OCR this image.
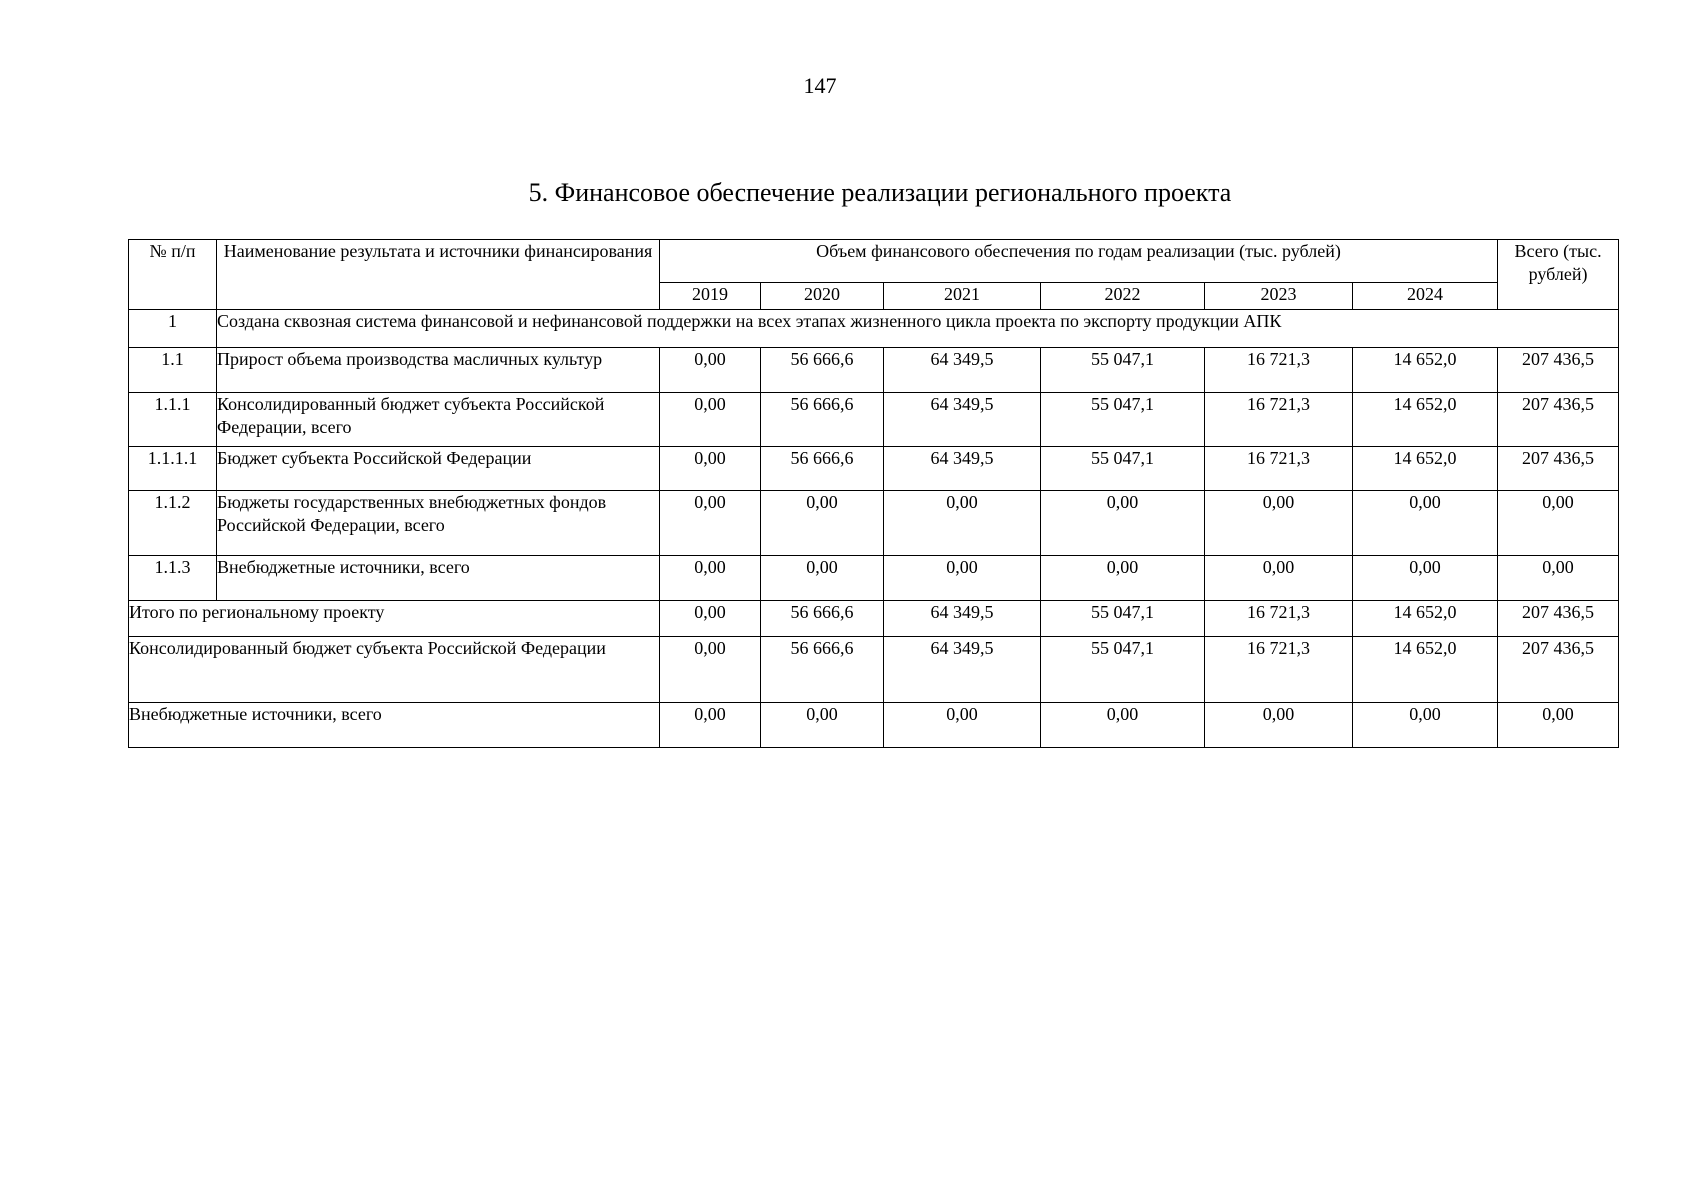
147
5. Финансовое обеспечение реализации регионального проекта
№ п/п	Наименование результата и источники финансирования	Объем финансового обеспечения по годам реализации (тыс. рублей)						Всего (тыс. рублей)
		2019	2020	2021	2022	2023	2024	
1	Создана сквозная система финансовой и нефинансовой поддержки на всех этапах жизненного цикла проекта по экспорту продукции АПК							
1.1	Прирост объема производства масличных культур	0,00	56 666,6	64 349,5	55 047,1	16 721,3	14 652,0	207 436,5
1.1.1	Консолидированный бюджет субъекта Российской Федерации, всего	0,00	56 666,6	64 349,5	55 047,1	16 721,3	14 652,0	207 436,5
1.1.1.1	Бюджет субъекта Российской Федерации	0,00	56 666,6	64 349,5	55 047,1	16 721,3	14 652,0	207 436,5
1.1.2	Бюджеты государственных внебюджетных фондов Российской Федерации, всего	0,00	0,00	0,00	0,00	0,00	0,00	0,00
1.1.3	Внебюджетные источники, всего	0,00	0,00	0,00	0,00	0,00	0,00	0,00
Итого по региональному проекту		0,00	56 666,6	64 349,5	55 047,1	16 721,3	14 652,0	207 436,5
Консолидированный бюджет субъекта Российской Федерации		0,00	56 666,6	64 349,5	55 047,1	16 721,3	14 652,0	207 436,5
Внебюджетные источники, всего		0,00	0,00	0,00	0,00	0,00	0,00	0,00
